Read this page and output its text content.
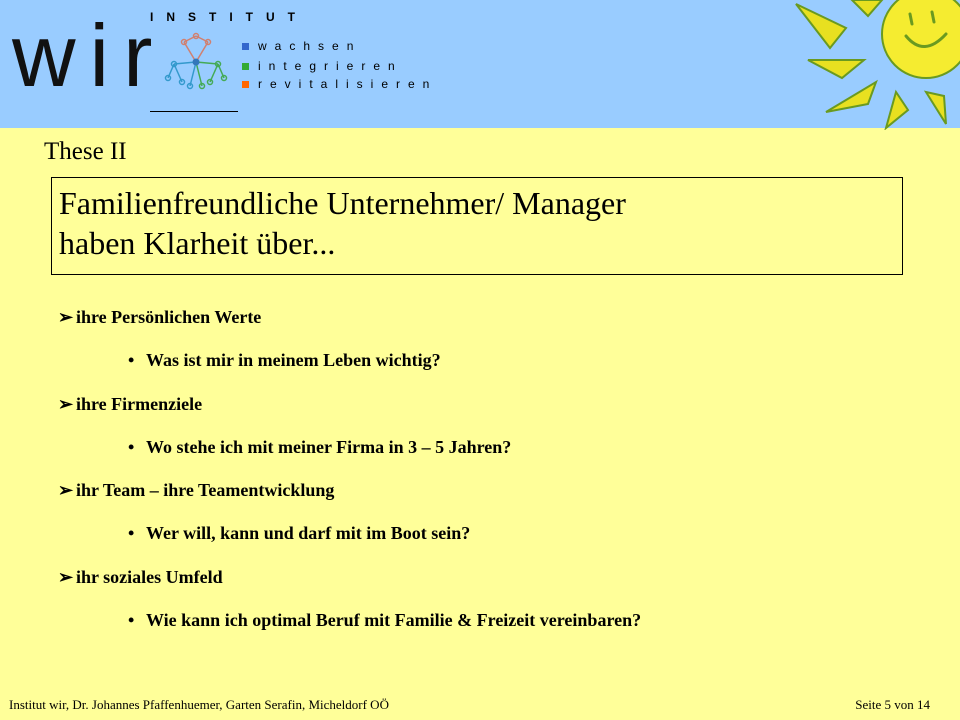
INSTITUT
wir	wachsen
integrieren
revitalisieren
These II
Familienfreundliche Unternehmer/ Manager
haben Klarheit über...
➢ ihre Persönlichen Werte
• Was ist mir in meinem Leben wichtig?
➢ ihre Firmenziele
• Wo stehe ich mit meiner Firma in 3 – 5 Jahren?
➢ ihr Team – ihre Teamentwicklung
• Wer will, kann und darf mit im Boot sein?
➢ ihr soziales Umfeld
• Wie kann ich optimal Beruf mit Familie & Freizeit vereinbaren?
Institut wir, Dr. Johannes Pfaffenhuemer, Garten Serafin, Micheldorf OÖ	Seite 5 von 14
